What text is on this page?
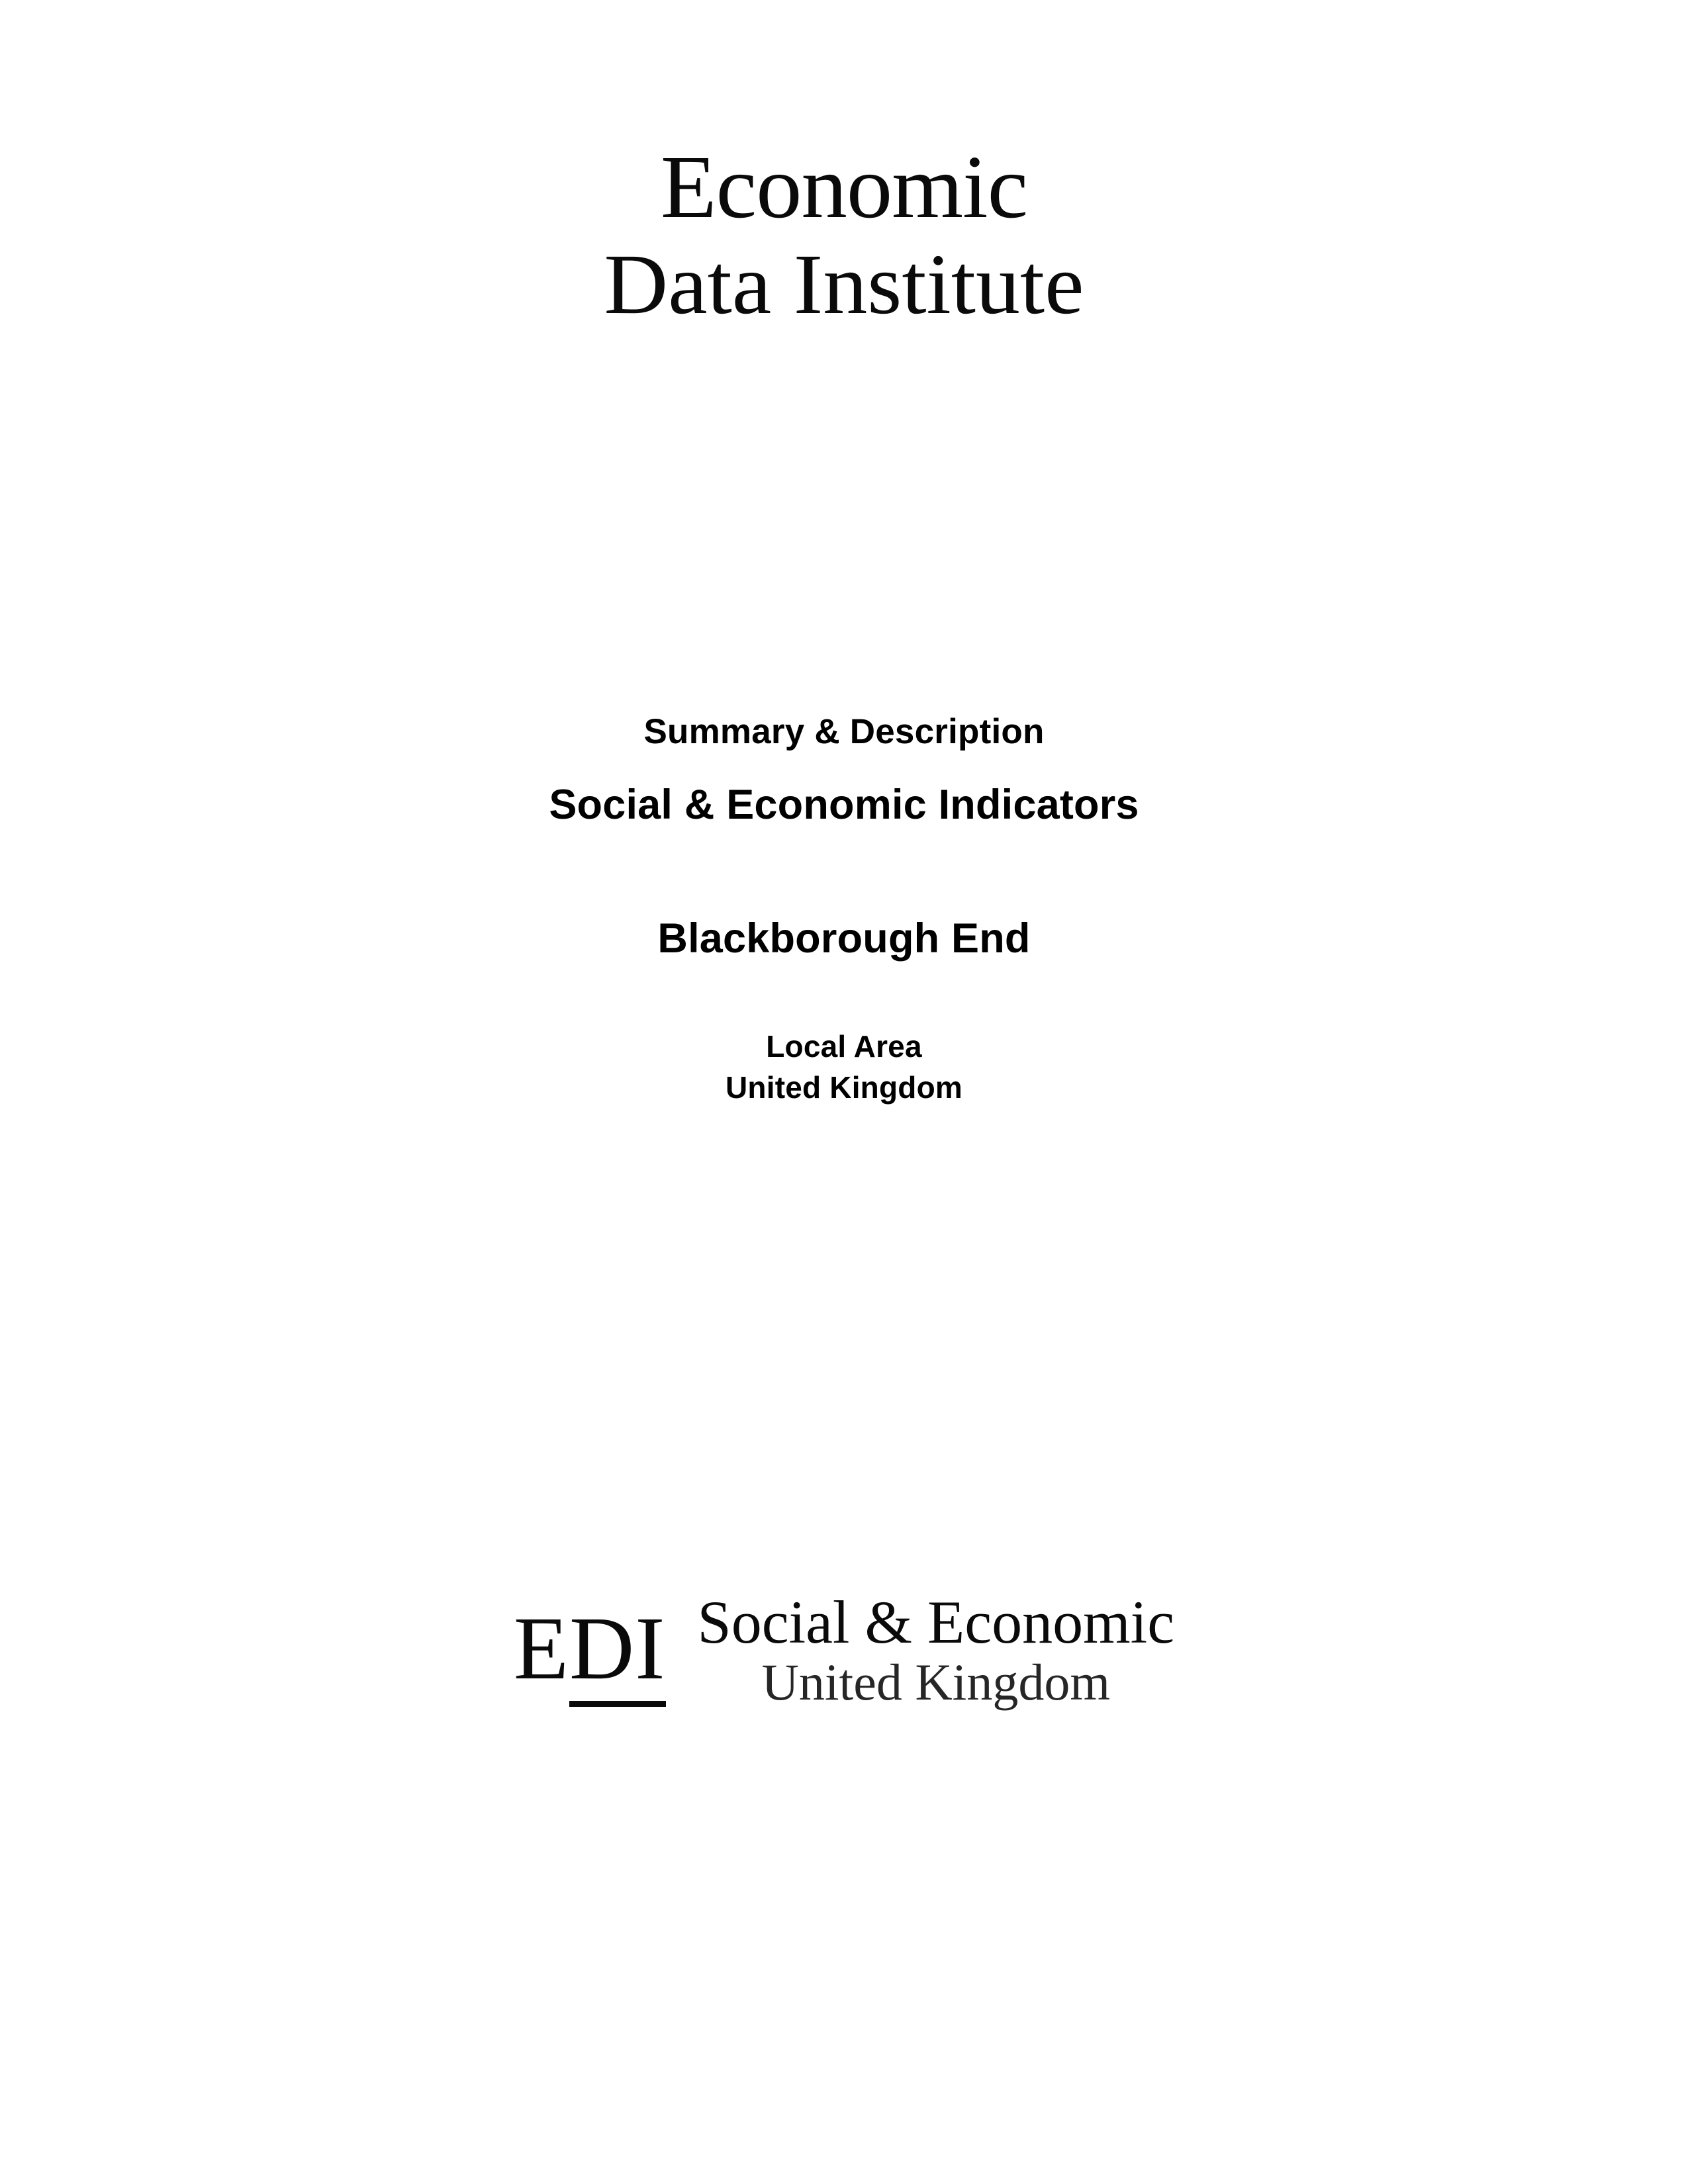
Economic
Data Institute
Summary & Description
Social & Economic Indicators
Blackborough End
Local Area
United Kingdom
EDI Social & Economic
United Kingdom
